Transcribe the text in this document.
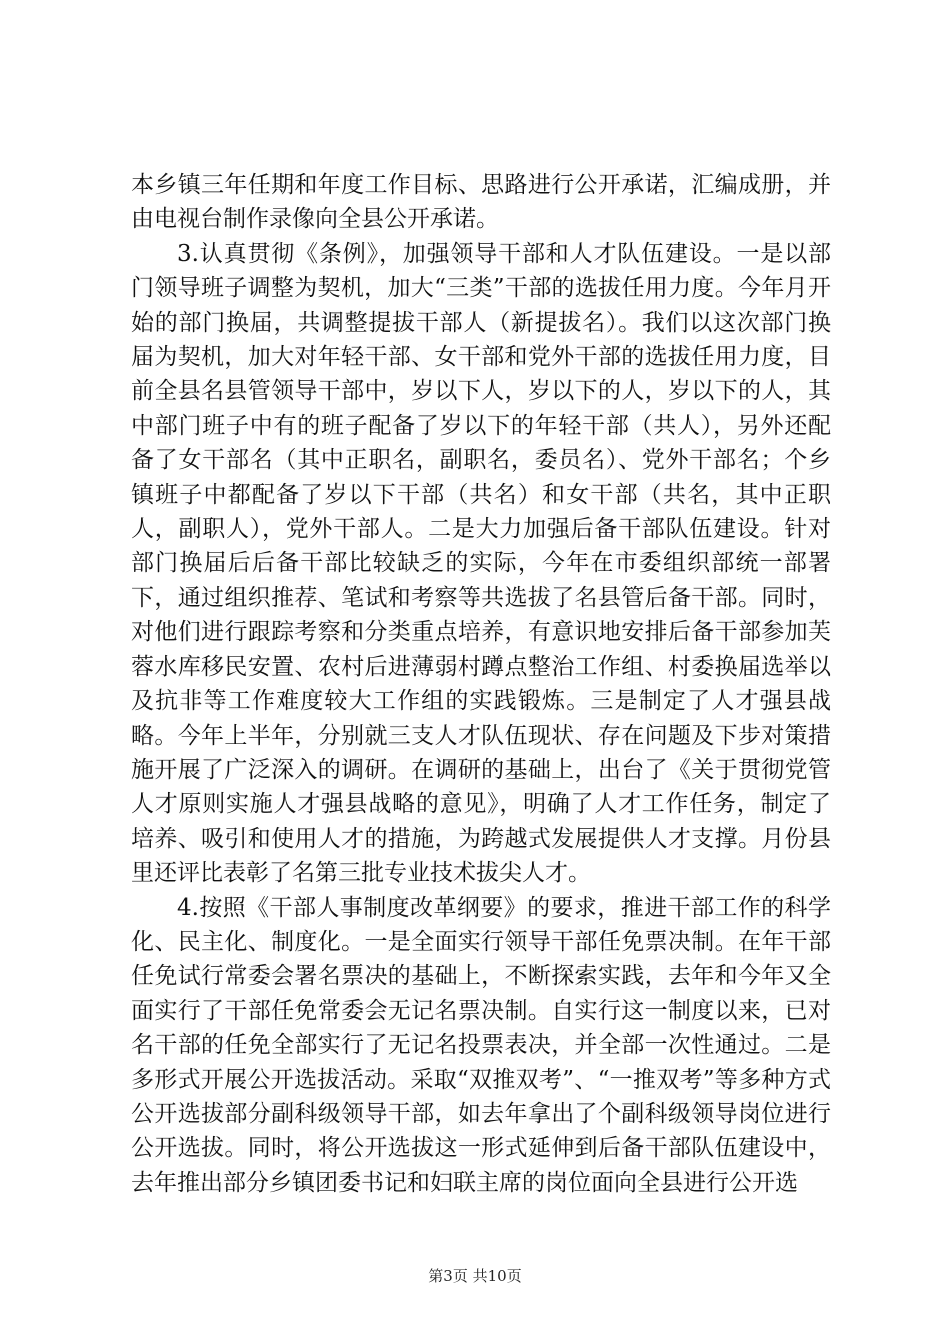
本乡镇三年任期和年度工作目标、思路进行公开承诺，汇编成册，并由电视台制作录像向全县公开承诺。

3.认真贯彻《条例》，加强领导干部和人才队伍建设。一是以部门领导班子调整为契机，加大“三类”干部的选拔任用力度。今年月开始的部门换届，共调整提拔干部人（新提拔名）。我们以这次部门换届为契机，加大对年轻干部、女干部和党外干部的选拔任用力度，目前全县名县管领导干部中，岁以下人，岁以下的人，岁以下的人，其中部门班子中有的班子配备了岁以下的年轻干部（共人），另外还配备了女干部名（其中正职名，副职名，委员名）、党外干部名；个乡镇班子中都配备了岁以下干部（共名）和女干部（共名，其中正职人，副职人），党外干部人。二是大力加强后备干部队伍建设。针对部门换届后后备干部比较缺乏的实际，今年在市委组织部统一部署下，通过组织推荐、笔试和考察等共选拔了名县管后备干部。同时，对他们进行跟踪考察和分类重点培养，有意识地安排后备干部参加芙蓉水库移民安置、农村后进薄弱村蹲点整治工作组、村委换届选举以及抗非等工作难度较大工作组的实践锻炼。三是制定了人才强县战略。今年上半年，分别就三支人才队伍现状、存在问题及下步对策措施开展了广泛深入的调研。在调研的基础上，出台了《关于贯彻党管人才原则实施人才强县战略的意见》，明确了人才工作任务，制定了培养、吸引和使用人才的措施，为跨越式发展提供人才支撑。月份县里还评比表彰了名第三批专业技术拔尖人才。

4.按照《干部人事制度改革纲要》的要求，推进干部工作的科学化、民主化、制度化。一是全面实行领导干部任免票决制。在年干部任免试行常委会署名票决的基础上，不断探索实践，去年和今年又全面实行了干部任免常委会无记名票决制。自实行这一制度以来，已对名干部的任免全部实行了无记名投票表决，并全部一次性通过。二是多形式开展公开选拔活动。采取“双推双考”、“一推双考”等多种方式公开选拔部分副科级领导干部，如去年拿出了个副科级领导岗位进行公开选拔。同时，将公开选拔这一形式延伸到后备干部队伍建设中，去年推出部分乡镇团委书记和妇联主席的岗位面向全县进行公开选

第3页 共10页
